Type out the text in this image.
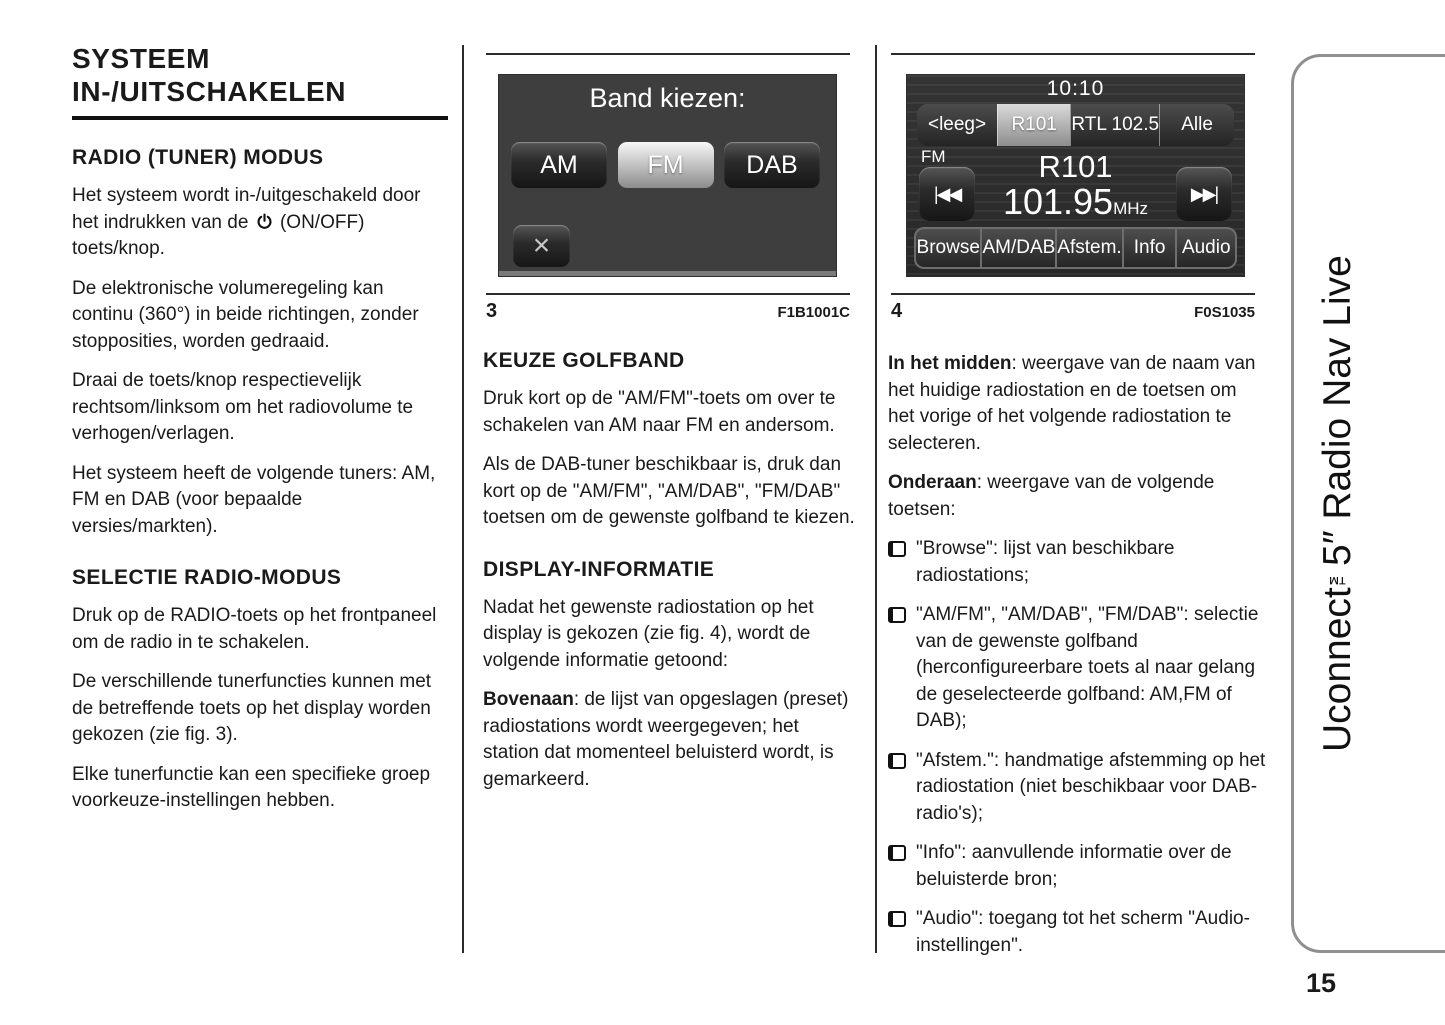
SYSTEEM
IN-/UITSCHAKELEN
RADIO (TUNER) MODUS

Het systeem wordt in-/uitgeschakeld door het indrukken van de (ON/OFF) toets/knop.

De elektronische volumeregeling kan continu (360°) in beide richtingen, zonder stopposities, worden gedraaid.

Draai de toets/knop respectievelijk rechtsom/linksom om het radiovolume te verhogen/verlagen.

Het systeem heeft de volgende tuners: AM, FM en DAB (voor bepaalde versies/markten).

SELECTIE RADIO-MODUS

Druk op de RADIO-toets op het frontpaneel om de radio in te schakelen.

De verschillende tunerfuncties kunnen met de betreffende toets op het display worden gekozen (zie fig. 3).

Elke tunerfunctie kan een specifieke groep voorkeuze-instellingen hebben.

Band kiezen:
AM	FM	DAB
×
3	F1B1001C
KEUZE GOLFBAND

Druk kort op de "AM/FM"-toets om over te schakelen van AM naar FM en andersom.

Als de DAB-tuner beschikbaar is, druk dan kort op de "AM/FM", "AM/DAB", "FM/DAB" toetsen om de gewenste golfband te kiezen.

DISPLAY-INFORMATIE

Nadat het gewenste radiostation op het display is gekozen (zie fig. 4), wordt de volgende informatie getoond:

Bovenaan: de lijst van opgeslagen (preset) radiostations wordt weergegeven; het station dat momenteel beluisterd wordt, is gemarkeerd.

10:10
<leeg>	R101 RTL 102.5	Alle
FM	R101
101.95MHz
|◀◀	▶▶|
Browse AM/DAB Afstem. Info Audio
4	F0S1035

In het midden: weergave van de naam van het huidige radiostation en de toetsen om het vorige of het volgende radiostation te selecteren.

Onderaan: weergave van de volgende toetsen:

"Browse": lijst van beschikbare radiostations;
"AM/FM", "AM/DAB", "FM/DAB": selectie van de gewenste golfband (herconfigureerbare toets al naar gelang de geselecteerde golfband: AM,FM of DAB);
"Afstem.": handmatige afstemming op het radiostation (niet beschikbaar voor DAB-radio's);
"Info": aanvullende informatie over de beluisterde bron;
"Audio": toegang tot het scherm "Audio-instellingen".
Uconnect
™
5″ Radio Nav Live
15
